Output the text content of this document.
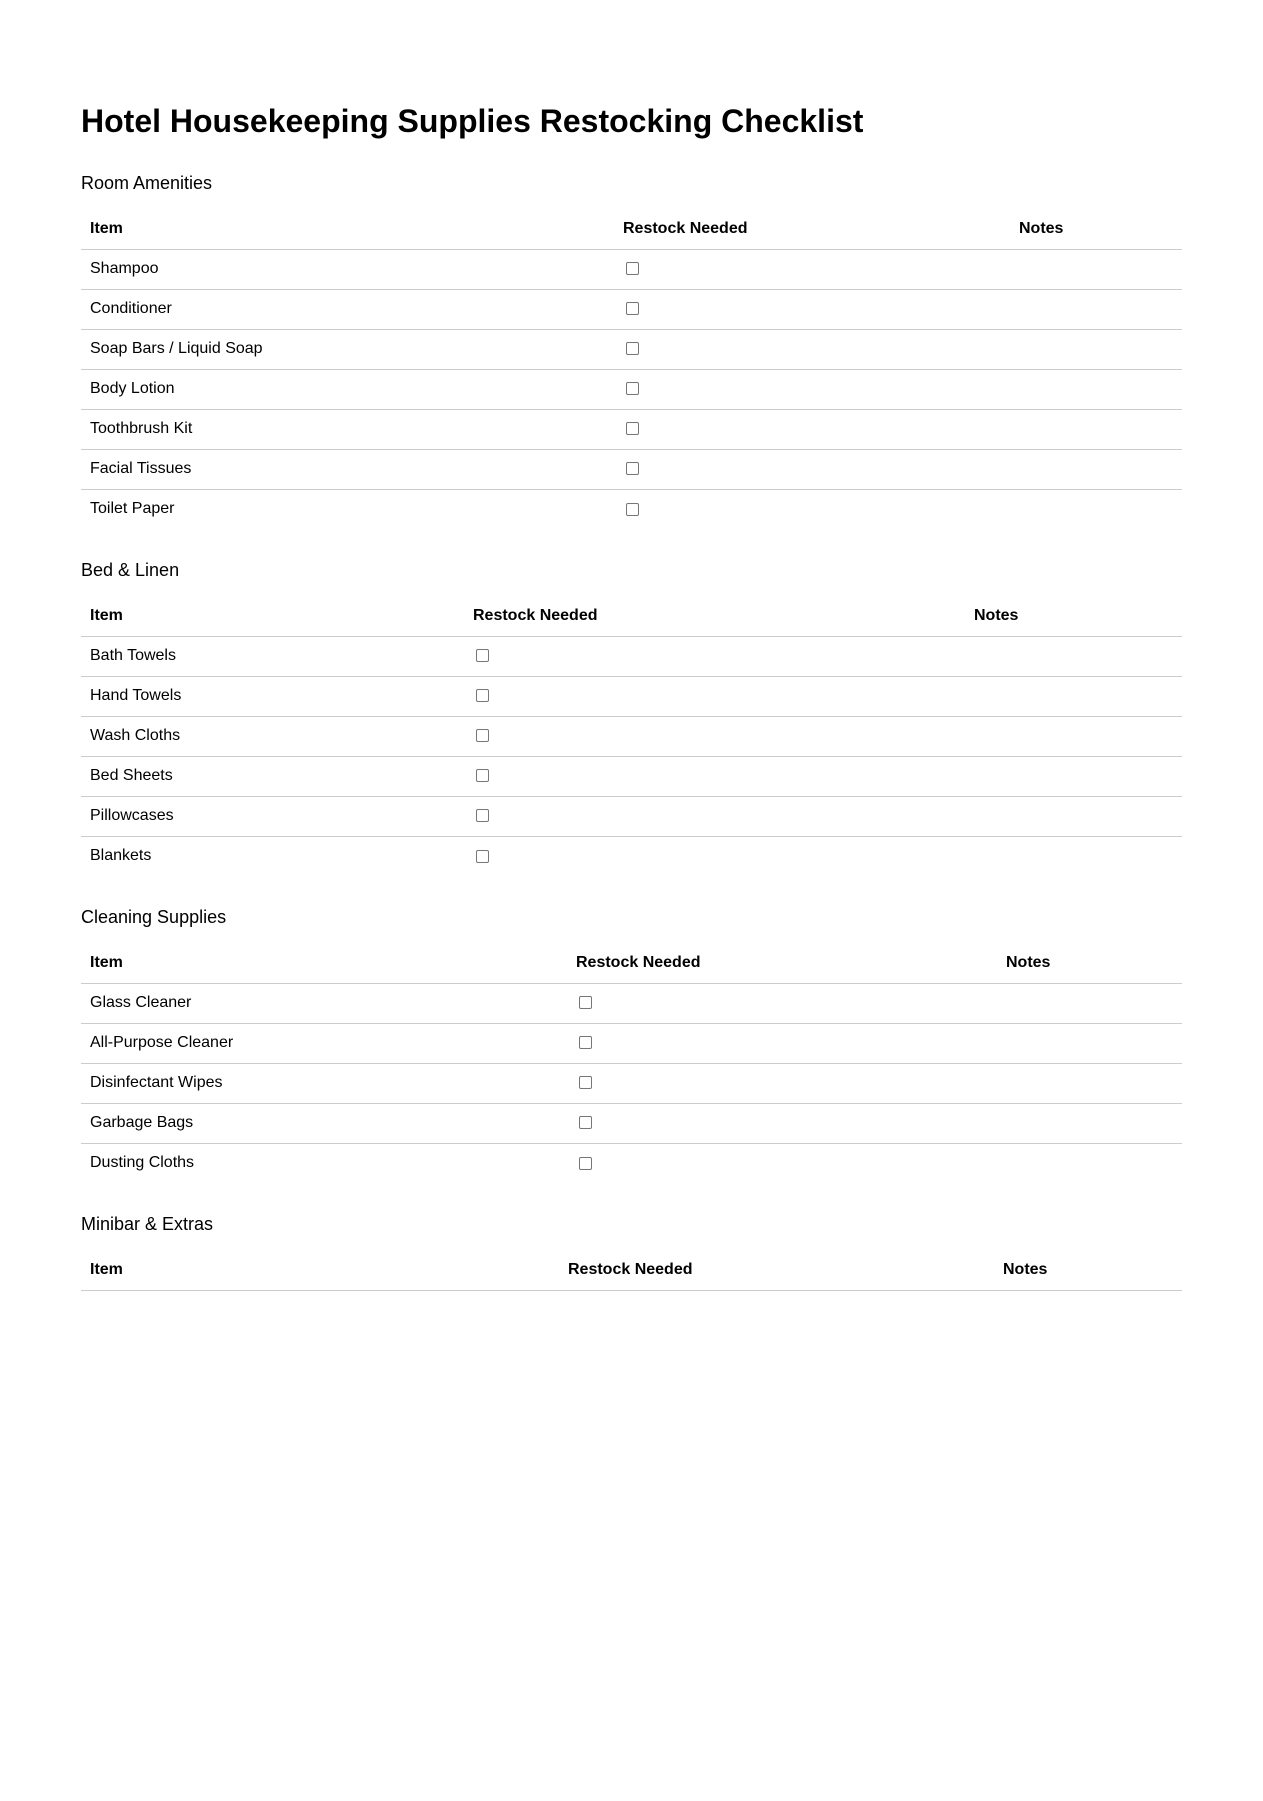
Hotel Housekeeping Supplies Restocking Checklist
Room Amenities
Item	Restock Needed	Notes
Shampoo		
Conditioner		
Soap Bars / Liquid Soap		
Body Lotion		
Toothbrush Kit		
Facial Tissues		
Toilet Paper		
Bed & Linen
Item	Restock Needed	Notes
Bath Towels		
Hand Towels		
Wash Cloths		
Bed Sheets		
Pillowcases		
Blankets		
Cleaning Supplies
Item	Restock Needed	Notes
Glass Cleaner		
All-Purpose Cleaner		
Disinfectant Wipes		
Garbage Bags		
Dusting Cloths		
Minibar & Extras
Item	Restock Needed	Notes
